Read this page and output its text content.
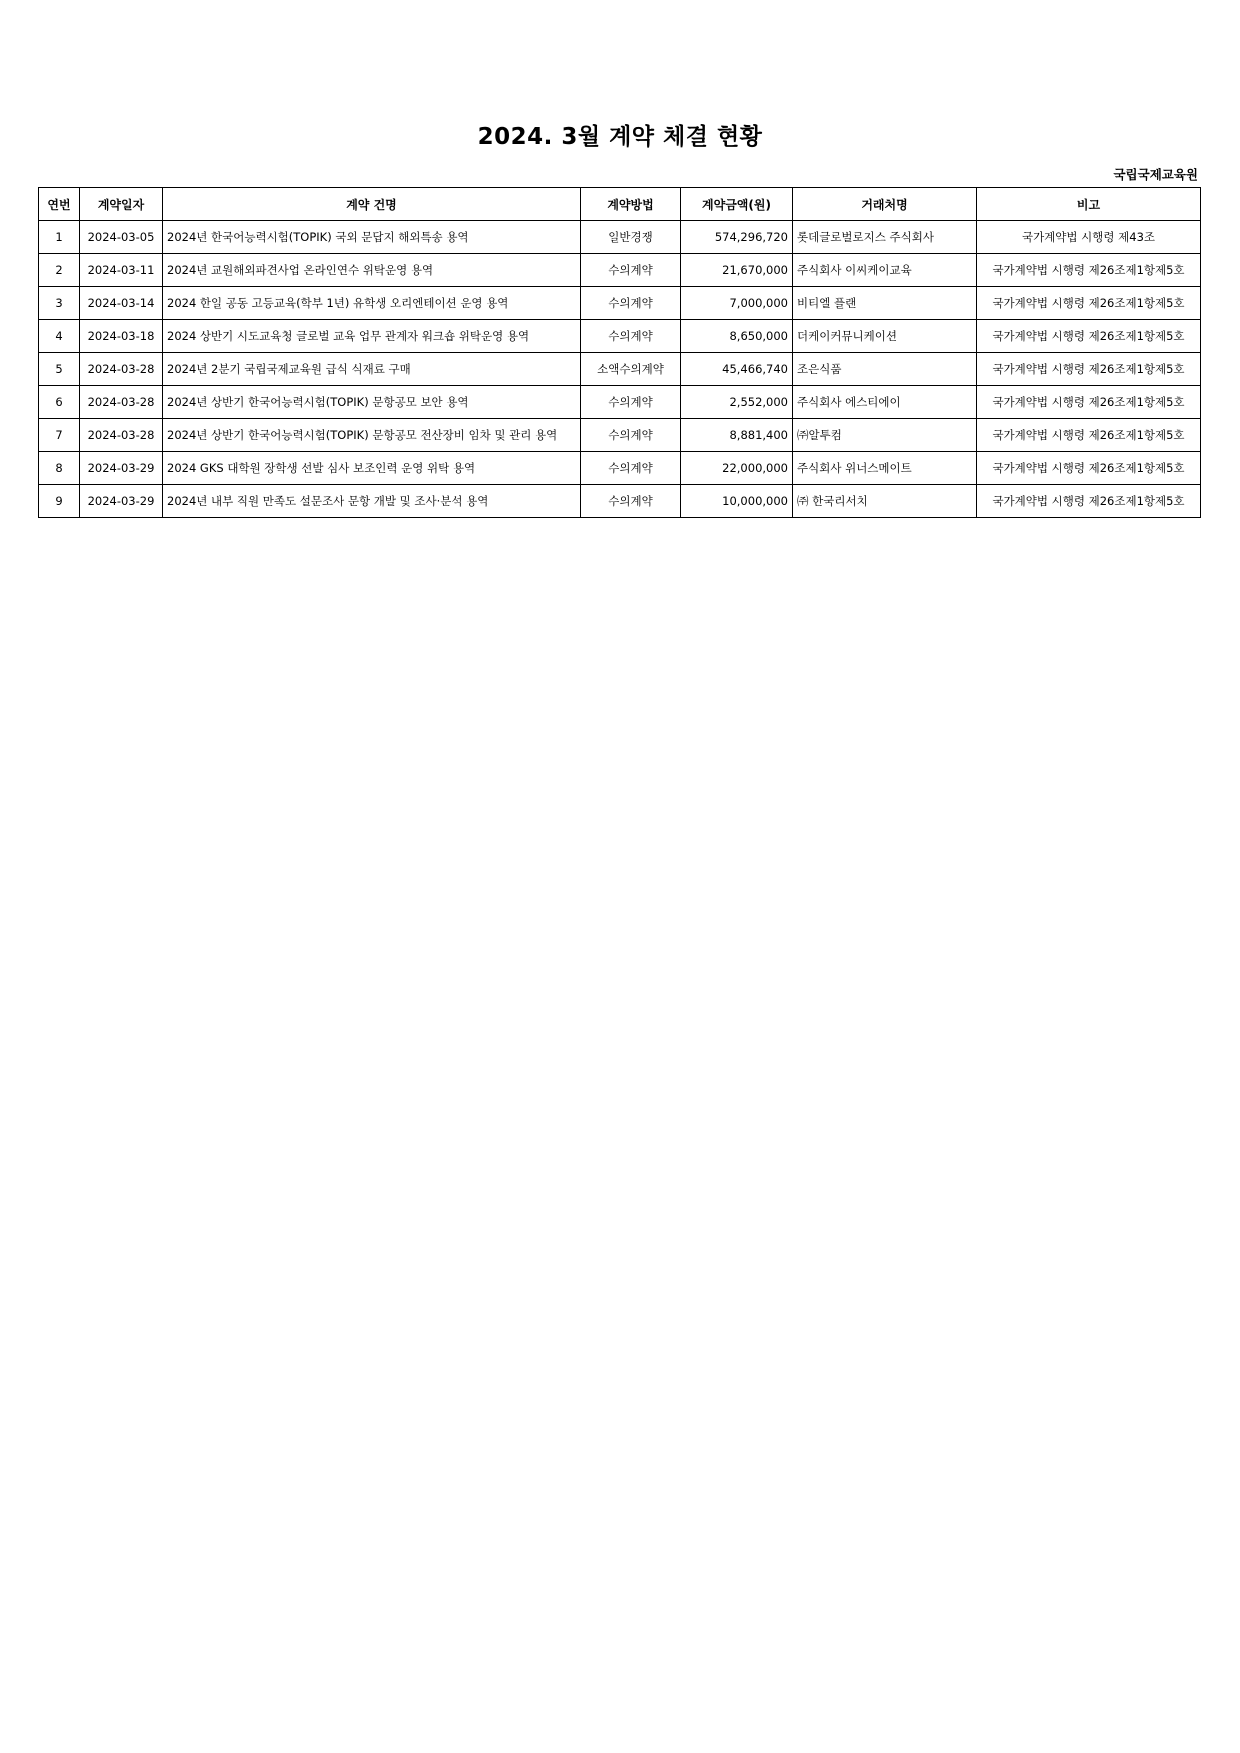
2024. 3월 계약 체결 현황
국립국제교육원
연번	계약일자	계약 건명	계약방법	계약금액(원)	거래처명	비고
1	2024-03-05	2024년 한국어능력시험(TOPIK) 국외 문답지 해외특송 용역	일반경쟁	574,296,720	롯데글로벌로지스 주식회사	국가계약법 시행령 제43조
2	2024-03-11	2024년 교원해외파견사업 온라인연수 위탁운영 용역	수의계약	21,670,000	주식회사 이씨케이교육	국가계약법 시행령 제26조제1항제5호
3	2024-03-14	2024 한일 공동 고등교육(학부 1년) 유학생 오리엔테이션 운영 용역	수의계약	7,000,000	비티엘 플랜	국가계약법 시행령 제26조제1항제5호
4	2024-03-18	2024 상반기 시도교육청 글로벌 교육 업무 관계자 워크숍 위탁운영 용역	수의계약	8,650,000	더케이커뮤니케이션	국가계약법 시행령 제26조제1항제5호
5	2024-03-28	2024년 2분기 국립국제교육원 급식 식재료 구매	소액수의계약	45,466,740	조은식품	국가계약법 시행령 제26조제1항제5호
6	2024-03-28	2024년 상반기 한국어능력시험(TOPIK) 문항공모 보안 용역	수의계약	2,552,000	주식회사 에스티에이	국가계약법 시행령 제26조제1항제5호
7	2024-03-28	2024년 상반기 한국어능력시험(TOPIK) 문항공모 전산장비 임차 및 관리 용역	수의계약	8,881,400	㈜알투컴	국가계약법 시행령 제26조제1항제5호
8	2024-03-29	2024 GKS 대학원 장학생 선발 심사 보조인력 운영 위탁 용역	수의계약	22,000,000	주식회사 위너스메이트	국가계약법 시행령 제26조제1항제5호
9	2024-03-29	2024년 내부 직원 만족도 설문조사 문항 개발 및 조사·분석 용역	수의계약	10,000,000	㈜ 한국리서치	국가계약법 시행령 제26조제1항제5호
